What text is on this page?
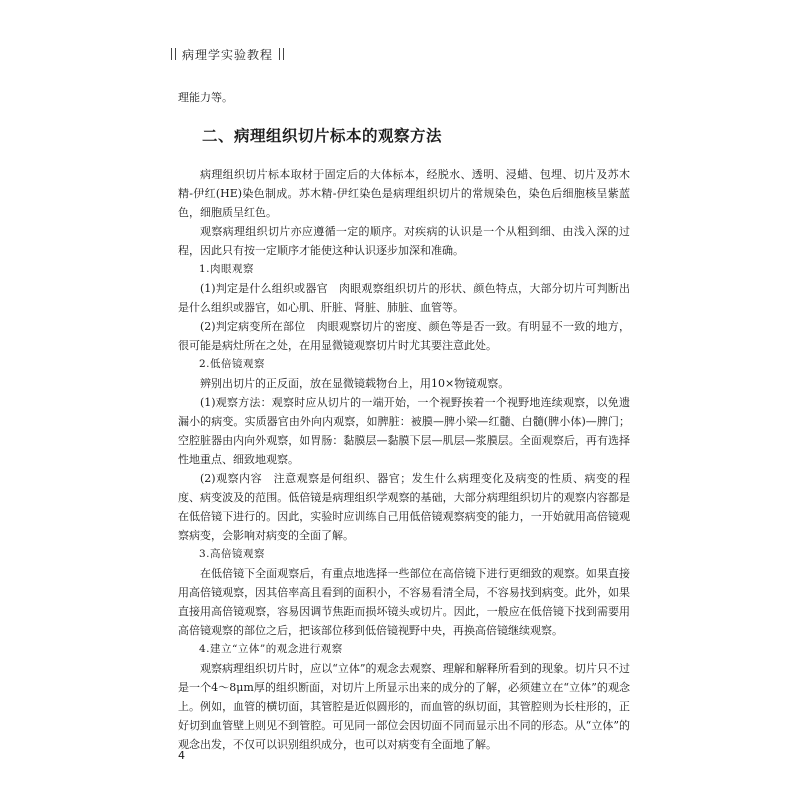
病理学实验教程

理能力等。

二、病理组织切片标本的观察方法

病理组织切片标本取材于固定后的大体标本，经脱水、透明、浸蜡、包埋、切片及苏木精-伊红(HE)染色制成。苏木精-伊红染色是病理组织切片的常规染色，染色后细胞核呈紫蓝色，细胞质呈红色。

观察病理组织切片亦应遵循一定的顺序。对疾病的认识是一个从粗到细、由浅入深的过程，因此只有按一定顺序才能使这种认识逐步加深和准确。

1.肉眼观察

(1)判定是什么组织或器官　肉眼观察组织切片的形状、颜色特点，大部分切片可判断出是什么组织或器官，如心肌、肝脏、肾脏、肺脏、血管等。

(2)判定病变所在部位　肉眼观察切片的密度、颜色等是否一致。有明显不一致的地方，很可能是病灶所在之处，在用显微镜观察切片时尤其要注意此处。

2.低倍镜观察

辨别出切片的正反面，放在显微镜载物台上，用10×物镜观察。

(1)观察方法：观察时应从切片的一端开始，一个视野挨着一个视野地连续观察，以免遗漏小的病变。实质器官由外向内观察，如脾脏：被膜—脾小梁—红髓、白髓(脾小体)—脾门；空腔脏器由内向外观察，如胃肠：黏膜层—黏膜下层—肌层—浆膜层。全面观察后，再有选择性地重点、细致地观察。

(2)观察内容　注意观察是何组织、器官；发生什么病理变化及病变的性质、病变的程度、病变波及的范围。低倍镜是病理组织学观察的基础，大部分病理组织切片的观察内容都是在低倍镜下进行的。因此，实验时应训练自己用低倍镜观察病变的能力，一开始就用高倍镜观察病变，会影响对病变的全面了解。

3.高倍镜观察

在低倍镜下全面观察后，有重点地选择一些部位在高倍镜下进行更细致的观察。如果直接用高倍镜观察，因其倍率高且看到的面积小，不容易看清全局，不容易找到病变。此外，如果直接用高倍镜观察，容易因调节焦距而损坏镜头或切片。因此，一般应在低倍镜下找到需要用高倍镜观察的部位之后，把该部位移到低倍镜视野中央，再换高倍镜继续观察。

4.建立“立体”的观念进行观察

观察病理组织切片时，应以“立体”的观念去观察、理解和解释所看到的现象。切片只不过是一个4～8μm厚的组织断面，对切片上所显示出来的成分的了解，必须建立在“立体”的观念上。例如，血管的横切面，其管腔是近似圆形的，而血管的纵切面，其管腔则为长柱形的，正好切到血管壁上则见不到管腔。可见同一部位会因切面不同而显示出不同的形态。从“立体”的观念出发，不仅可以识别组织成分，也可以对病变有全面地了解。

4
